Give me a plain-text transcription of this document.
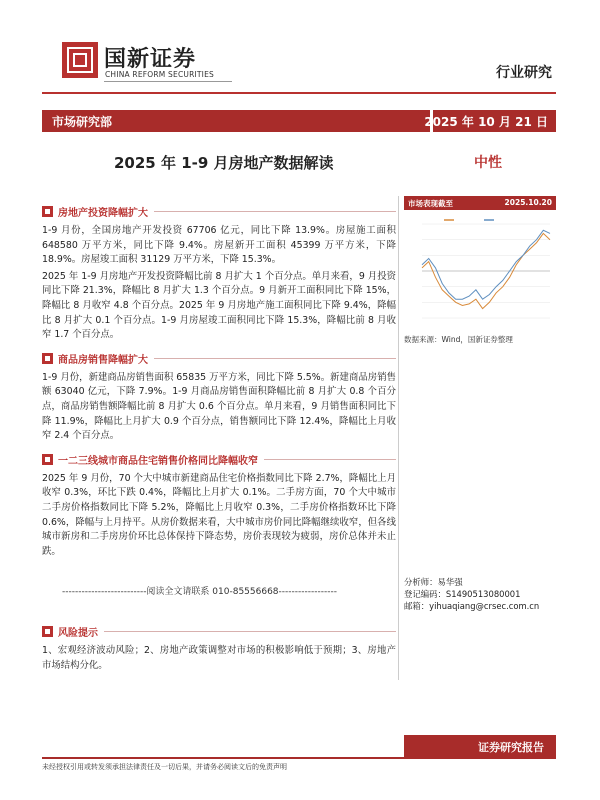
国新证券
CHINA REFORM SECURITIES	行业研究
市场研究部	2025 年 10 月 21 日
2025 年 1-9 月房地产数据解读	中性
房地产投资降幅扩大

1-9 月份，全国房地产开发投资 67706 亿元，同比下降 13.9%。房屋施工面积 648580 万平方米，同比下降 9.4%。房屋新开工面积 45399 万平方米，下降 18.9%。房屋竣工面积 31129 万平方米，下降 15.3%。

2025 年 1-9 月房地产开发投资降幅比前 8 月扩大 1 个百分点。单月来看，9 月投资同比下降 21.3%，降幅比 8 月扩大 1.3 个百分点。9 月新开工面积同比下降 15%，降幅比 8 月收窄 4.8 个百分点。2025 年 9 月房地产施工面积同比下降 9.4%，降幅比 8 月扩大 0.1 个百分点。1-9 月房屋竣工面积同比下降 15.3%，降幅比前 8 月收窄 1.7 个百分点。

商品房销售降幅扩大

1-9 月份，新建商品房销售面积 65835 万平方米，同比下降 5.5%。新建商品房销售额 63040 亿元，下降 7.9%。1-9 月商品房销售面积降幅比前 8 月扩大 0.8 个百分点，商品房销售额降幅比前 8 月扩大 0.6 个百分点。单月来看，9 月销售面积同比下降 11.9%，降幅比上月扩大 0.9 个百分点，销售额同比下降 12.4%，降幅比上月收窄 2.4 个百分点。

一二三线城市商品住宅销售价格同比降幅收窄

2025 年 9 月份，70 个大中城市新建商品住宅价格指数同比下降 2.7%，降幅比上月收窄 0.3%，环比下跌 0.4%，降幅比上月扩大 0.1%。二手房方面，70 个大中城市二手房价格指数同比下降 5.2%，降幅比上月收窄 0.3%，二手房价格指数环比下降 0.6%，降幅与上月持平。从房价数据来看，大中城市房价同比降幅继续收窄，但各线城市新房和二手房房价环比总体保持下降态势，房价表现较为疲弱，房价总体并未止跌。

--------------------------阅读全文请联系 010-85556668------------------
风险提示

1、宏观经济波动风险；2、房地产政策调整对市场的积极影响低于预期；3、房地产市场结构分化。

市场表现截至	2025.10.20
数据来源：Wind，国新证券整理
分析师：易华强
登记编码：S1490513080001
邮箱：yihuaqiang@crsec.com.cn
证券研究报告
未经授权引用或转发须承担法律责任及一切后果，并请务必阅读文后的免责声明
